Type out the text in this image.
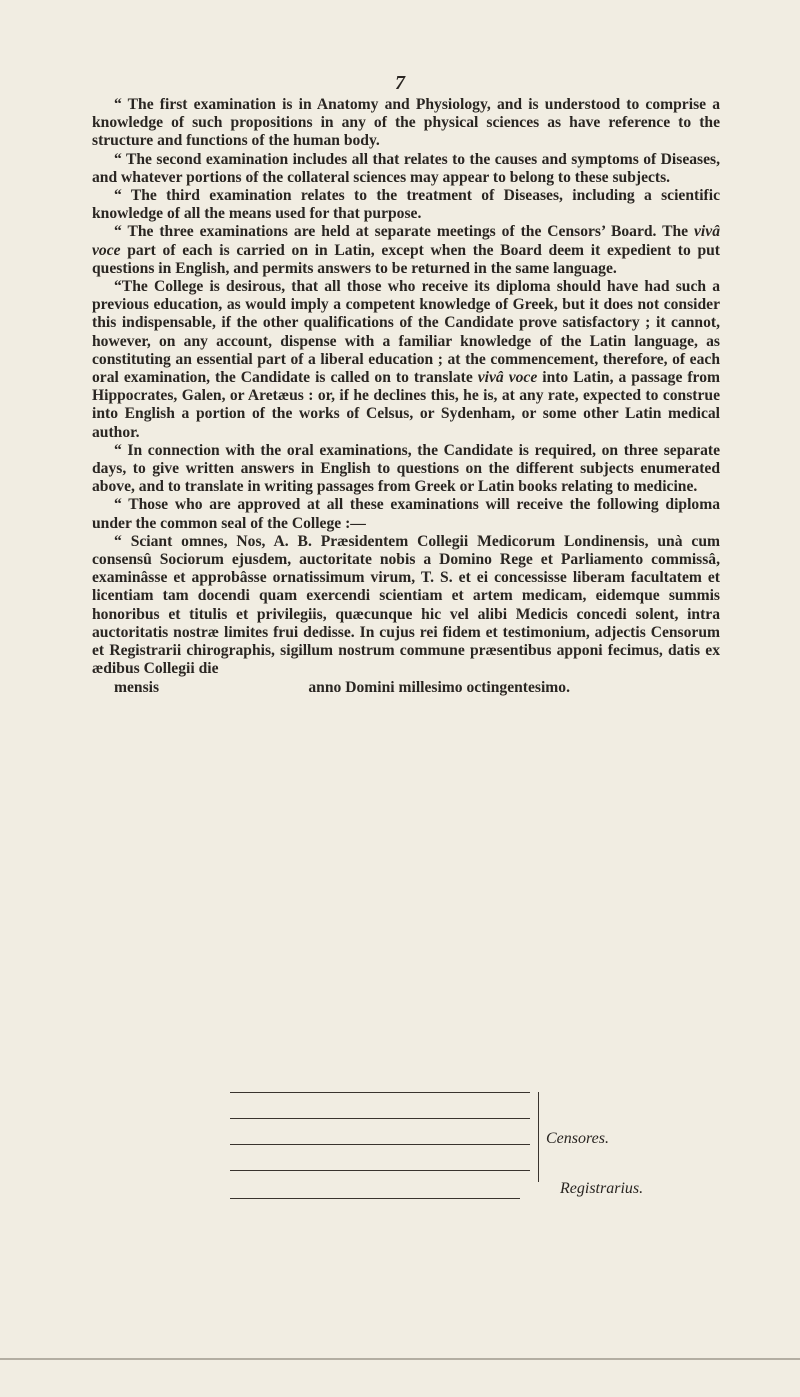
7

“ The first examination is in Anatomy and Physiology, and is understood to comprise a knowledge of such propositions in any of the physical sciences as have reference to the structure and functions of the human body.

“ The second examination includes all that relates to the causes and symptoms of Diseases, and whatever portions of the collateral sciences may appear to belong to these subjects.

“ The third examination relates to the treatment of Diseases, including a scientific knowledge of all the means used for that purpose.

“ The three examinations are held at separate meetings of the Censors’ Board. The vivâ voce part of each is carried on in Latin, except when the Board deem it expedient to put questions in English, and permits answers to be returned in the same language.

“The College is desirous, that all those who receive its diploma should have had such a previous education, as would imply a competent knowledge of Greek, but it does not consider this indispensable, if the other qualifications of the Candidate prove satisfactory ; it cannot, however, on any account, dispense with a familiar knowledge of the Latin language, as constituting an essential part of a liberal education ; at the commencement, therefore, of each oral examination, the Candidate is called on to translate vivâ voce into Latin, a passage from Hippocrates, Galen, or Aretæus : or, if he declines this, he is, at any rate, expected to construe into English a portion of the works of Celsus, or Sydenham, or some other Latin medical author.

“ In connection with the oral examinations, the Candidate is required, on three separate days, to give written answers in English to questions on the different subjects enumerated above, and to translate in writing passages from Greek or Latin books relating to medicine.

“ Those who are approved at all these examinations will receive the following diploma under the common seal of the College :—

“ Sciant omnes, Nos, A. B. Præsidentem Collegii Medicorum Londinensis, unà cum consensû Sociorum ejusdem, auctoritate nobis a Domino Rege et Parliamento commissâ, examinâsse et approbâsse ornatissimum virum, T. S. et ei concessisse liberam facultatem et licentiam tam docendi quam exercendi scientiam et artem medicam, eidemque summis honoribus et titulis et privilegiis, quæcunque hic vel alibi Medicis concedi solent, intra auctoritatis nostræ limites frui dedisse. In cujus rei fidem et testimonium, adjectis Censorum et Registrarii chirographis, sigillum nostrum commune præsentibus apponi fecimus, datis ex ædibus Collegii die

mensis	anno Domini millesimo octingentesimo.

Censores.
Registrarius.
